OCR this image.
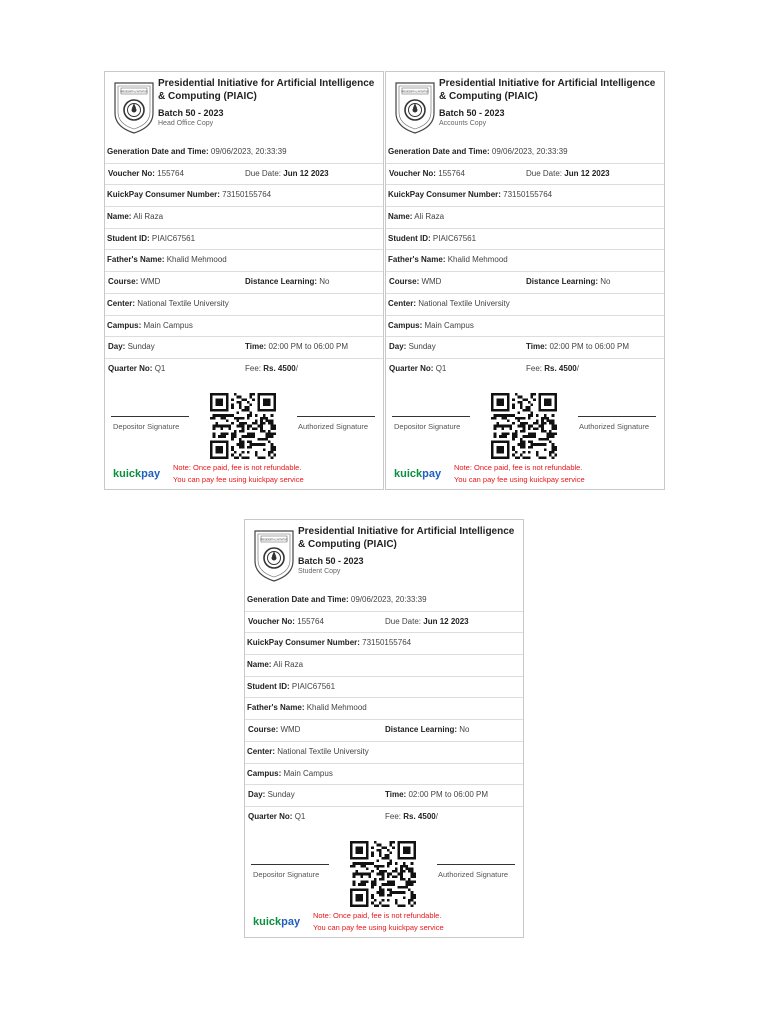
PRESIDENTIAL INITIATIVE
Presidential Initiative for Artificial Intelligence & Computing (PIAIC)
Batch 50 - 2023
Head Office Copy
Generation Date and Time: 09/06/2023, 20:33:39
Voucher No: 155764	Due Date: Jun 12 2023
KuickPay Consumer Number: 73150155764
Name: Ali Raza
Student ID: PIAIC67561
Father's Name: Khalid Mehmood
Course: WMD	Distance Learning: No
Center: National Textile University
Campus: Main Campus
Day: Sunday	Time: 02:00 PM to 06:00 PM
Quarter No: Q1	Fee: Rs. 4500/
Depositor Signature	Authorized Signature
kuickpay
Note: Once paid, fee is not refundable.
You can pay fee using kuickpay service
PRESIDENTIAL INITIATIVE
Presidential Initiative for Artificial Intelligence & Computing (PIAIC)
Batch 50 - 2023
Accounts Copy
Generation Date and Time: 09/06/2023, 20:33:39
Voucher No: 155764	Due Date: Jun 12 2023
KuickPay Consumer Number: 73150155764
Name: Ali Raza
Student ID: PIAIC67561
Father's Name: Khalid Mehmood
Course: WMD	Distance Learning: No
Center: National Textile University
Campus: Main Campus
Day: Sunday	Time: 02:00 PM to 06:00 PM
Quarter No: Q1	Fee: Rs. 4500/
Depositor Signature	Authorized Signature
kuickpay
Note: Once paid, fee is not refundable.
You can pay fee using kuickpay service
PRESIDENTIAL INITIATIVE
Presidential Initiative for Artificial Intelligence & Computing (PIAIC)
Batch 50 - 2023
Student Copy
Generation Date and Time: 09/06/2023, 20:33:39
Voucher No: 155764	Due Date: Jun 12 2023
KuickPay Consumer Number: 73150155764
Name: Ali Raza
Student ID: PIAIC67561
Father's Name: Khalid Mehmood
Course: WMD	Distance Learning: No
Center: National Textile University
Campus: Main Campus
Day: Sunday	Time: 02:00 PM to 06:00 PM
Quarter No: Q1	Fee: Rs. 4500/
Depositor Signature	Authorized Signature
kuickpay
Note: Once paid, fee is not refundable.
You can pay fee using kuickpay service
